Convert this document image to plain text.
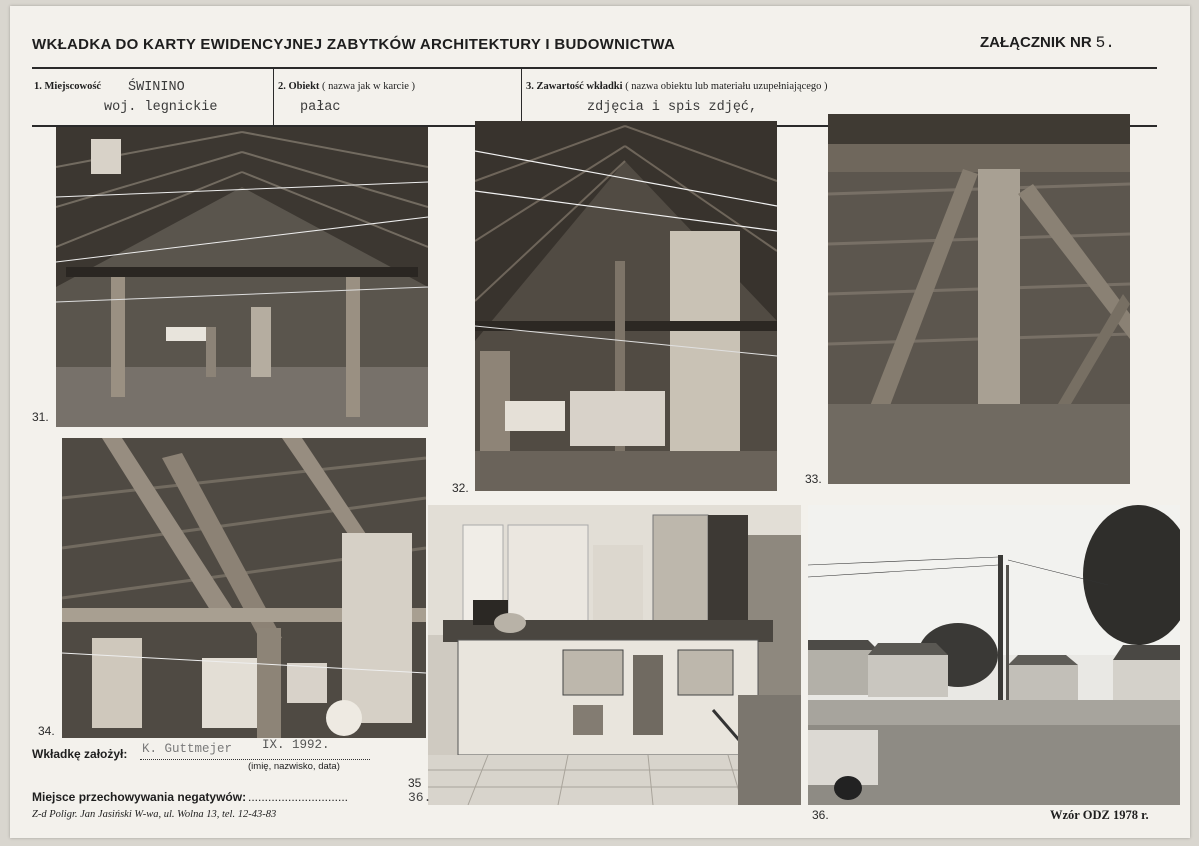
WKŁADKA DO KARTY EWIDENCYJNEJ ZABYTKÓW ARCHITEKTURY I BUDOWNICTWA	ZAŁĄCZNIK NR 5.
1. Miejscowość ŚWININO
woj. legnickie
2. Obiekt ( nazwa jak w karcie )
pałac
3. Zawartość wkładki ( nazwa obiektu lub materiału uzupełniającego )
zdjęcia i spis zdjęć,
31.
32.
33.
34.
35
36.
Wkładkę założył: K. Guttmejer IX. 1992.
(imię, nazwisko, data)
Miejsce przechowywania negatywów: ..............................	36.
Z-d Poligr. Jan Jasiński W-wa, ul. Wolna 13, tel. 12-43-83	Wzór ODZ 1978 r.
